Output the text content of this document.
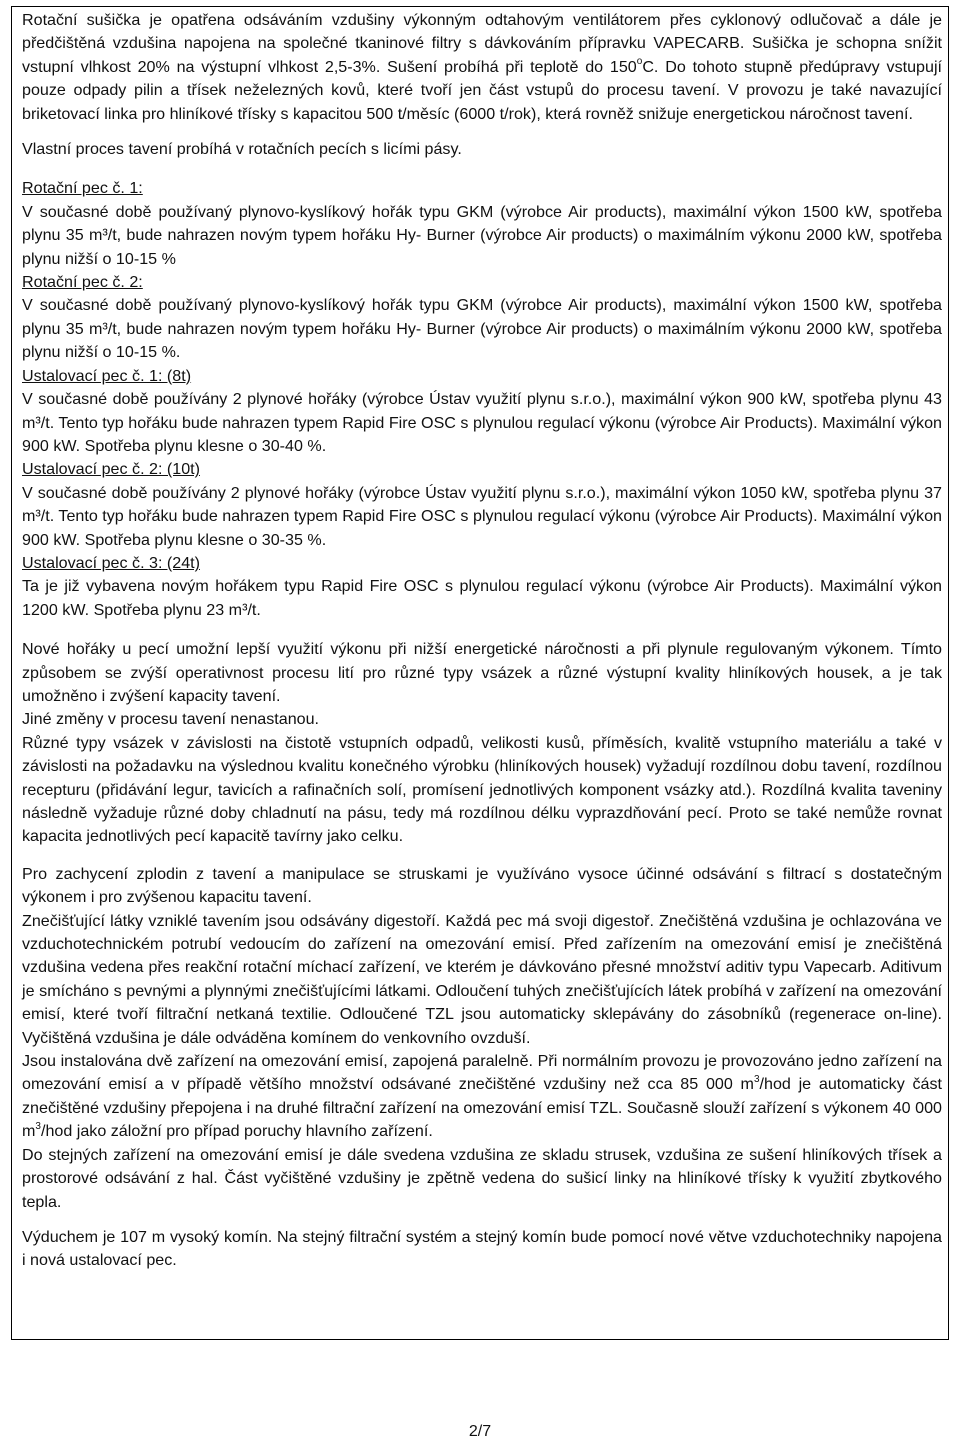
Rotační sušička je opatřena odsáváním vzdušiny výkonným odtahovým ventilátorem přes cyklonový odlučovač a dále je předčištěná vzdušina napojena na společné tkaninové filtry s dávkováním přípravku VAPECARB. Sušička je schopna snížit vstupní vlhkost 20% na výstupní vlhkost 2,5-3%. Sušení probíhá při teplotě do 150$^o$C. Do tohoto stupně předúpravy vstupují pouze odpady pilin a třísek neželezných kovů, které tvoří jen část vstupů do procesu tavení. V provozu je také navazující briketovací linka pro hliníkové třísky s kapacitou 500 t/měsíc (6000 t/rok), která rovněž snižuje energetickou náročnost tavení.

Vlastní proces tavení probíhá v rotačních pecích s licími pásy.

Rotační pec č. 1:

V současné době používaný plynovo-kyslíkový hořák typu GKM (výrobce Air products), maximální výkon 1500 kW, spotřeba plynu 35 m³/t, bude nahrazen novým typem hořáku Hy- Burner (výrobce Air products) o maximálním výkonu 2000 kW, spotřeba plynu nižší o 10-15 %

Rotační pec č. 2:

V současné době používaný plynovo-kyslíkový hořák typu GKM (výrobce Air products), maximální výkon 1500 kW, spotřeba plynu 35 m³/t, bude nahrazen novým typem hořáku Hy- Burner (výrobce Air products) o maximálním výkonu 2000 kW, spotřeba plynu nižší o 10-15 %.

Ustalovací pec č. 1: (8t)

V současné době používány 2 plynové hořáky (výrobce Ústav využití plynu s.r.o.), maximální výkon 900 kW, spotřeba plynu 43 m³/t. Tento typ hořáku bude nahrazen typem Rapid Fire OSC s plynulou regulací výkonu (výrobce Air Products). Maximální výkon 900 kW. Spotřeba plynu klesne o 30-40 %.

Ustalovací pec č. 2: (10t)

V současné době používány 2 plynové hořáky (výrobce Ústav využití plynu s.r.o.), maximální výkon 1050 kW, spotřeba plynu 37 m³/t. Tento typ hořáku bude nahrazen typem Rapid Fire OSC s plynulou regulací výkonu (výrobce Air Products). Maximální výkon 900 kW. Spotřeba plynu klesne o 30-35 %.

Ustalovací pec č. 3: (24t)

Ta je již vybavena novým hořákem typu Rapid Fire OSC s plynulou regulací výkonu (výrobce Air Products). Maximální výkon 1200 kW. Spotřeba plynu 23 m³/t.

Nové hořáky u pecí umožní lepší využití výkonu při nižší energetické náročnosti a při plynule regulovaným výkonem. Tímto způsobem se zvýší operativnost procesu lití pro různé typy vsázek a různé výstupní kvality hliníkových housek, a je tak umožněno i zvýšení kapacity tavení.

Jiné změny v procesu tavení nenastanou.

Různé typy vsázek v závislosti na čistotě vstupních odpadů, velikosti kusů, příměsích, kvalitě vstupního materiálu a také v závislosti na požadavku na výslednou kvalitu konečného výrobku (hliníkových housek) vyžadují rozdílnou dobu tavení, rozdílnou recepturu (přidávání legur, tavicích a rafinačních solí, promísení jednotlivých komponent vsázky atd.). Rozdílná kvalita taveniny následně vyžaduje různé doby chladnutí na pásu, tedy má rozdílnou délku vyprazdňování pecí. Proto se také nemůže rovnat kapacita jednotlivých pecí kapacitě tavírny jako celku.

Pro zachycení zplodin z tavení a manipulace se struskami je využíváno vysoce účinné odsávání s filtrací s dostatečným výkonem i pro zvýšenou kapacitu tavení.

Znečišťující látky vzniklé tavením jsou odsávány digestoří. Každá pec má svoji digestoř. Znečištěná vzdušina je ochlazována ve vzduchotechnickém potrubí vedoucím do zařízení na omezování emisí. Před zařízením na omezování emisí je znečištěná vzdušina vedena přes reakční rotační míchací zařízení, ve kterém je dávkováno přesné množství aditiv typu Vapecarb. Aditivum je smícháno s pevnými a plynnými znečišťujícími látkami. Odloučení tuhých znečišťujících látek probíhá v zařízení na omezování emisí, které tvoří filtrační netkaná textilie. Odloučené TZL jsou automaticky sklepávány do zásobníků (regenerace on-line). Vyčištěná vzdušina je dále odváděna komínem do venkovního ovzduší.

Jsou instalována dvě zařízení na omezování emisí, zapojená paralelně. Při normálním provozu je provozováno jedno zařízení na omezování emisí a v případě většího množství odsávané znečištěné vzdušiny než cca 85 000 $m^3$/hod je automaticky část znečištěné vzdušiny přepojena i na druhé filtrační zařízení na omezování emisí TZL. Současně slouží zařízení s výkonem 40 000 $m^3$/hod jako záložní pro případ poruchy hlavního zařízení.

Do stejných zařízení na omezování emisí je dále svedena vzdušina ze skladu strusek, vzdušina ze sušení hliníkových třísek a prostorové odsávání z hal. Část vyčištěné vzdušiny je zpětně vedena do sušicí linky na hliníkové třísky k využití zbytkového tepla.

Výduchem je 107 m vysoký komín. Na stejný filtrační systém a stejný komín bude pomocí nové větve vzduchotechniky napojena i nová ustalovací pec.

2/7
